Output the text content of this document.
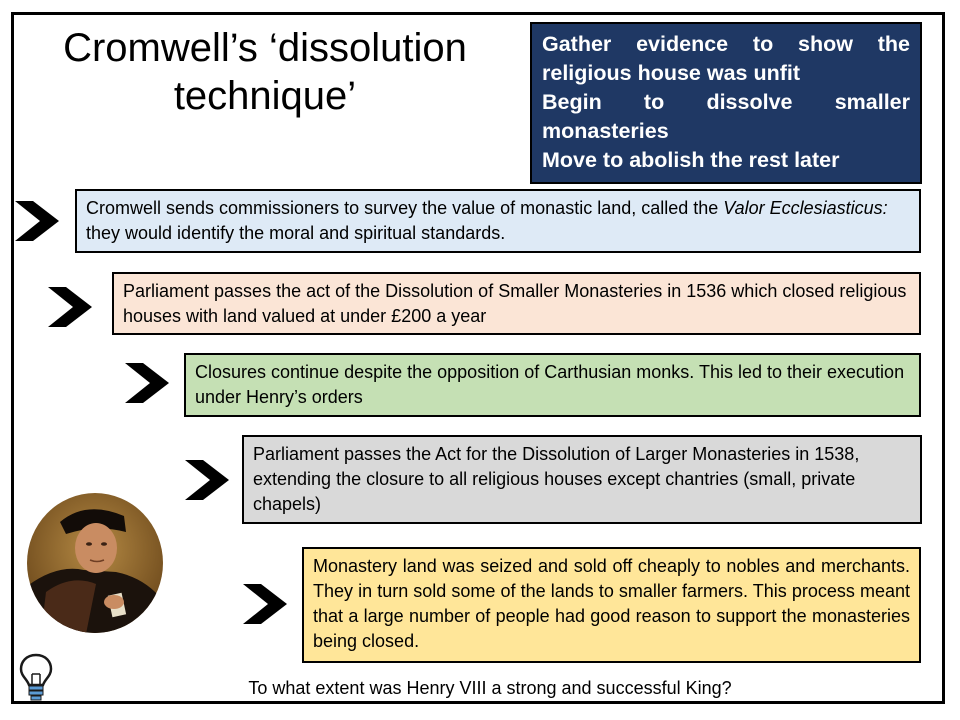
Cromwell’s ‘dissolution
technique’

Gather evidence to show the religious house was unfit

Begin to dissolve smaller monasteries

Move to abolish the rest later

Cromwell sends commissioners to survey the value of monastic land, called the Valor Ecclesiasticus: they would identify the moral and spiritual standards.
Parliament passes the act of the Dissolution of Smaller Monasteries in 1536 which closed religious houses with land valued at under £200 a year
Closures continue despite the opposition of Carthusian monks. This led to their execution under Henry’s orders
Parliament passes the Act for the Dissolution of Larger Monasteries in 1538, extending the closure to all religious houses except chantries (small, private chapels)
Monastery land was seized and sold off cheaply to nobles and merchants. They in turn sold some of the lands to smaller farmers. This process meant that a large number of people had good reason to support the monasteries being closed.
To what extent was Henry VIII a strong and successful King?
